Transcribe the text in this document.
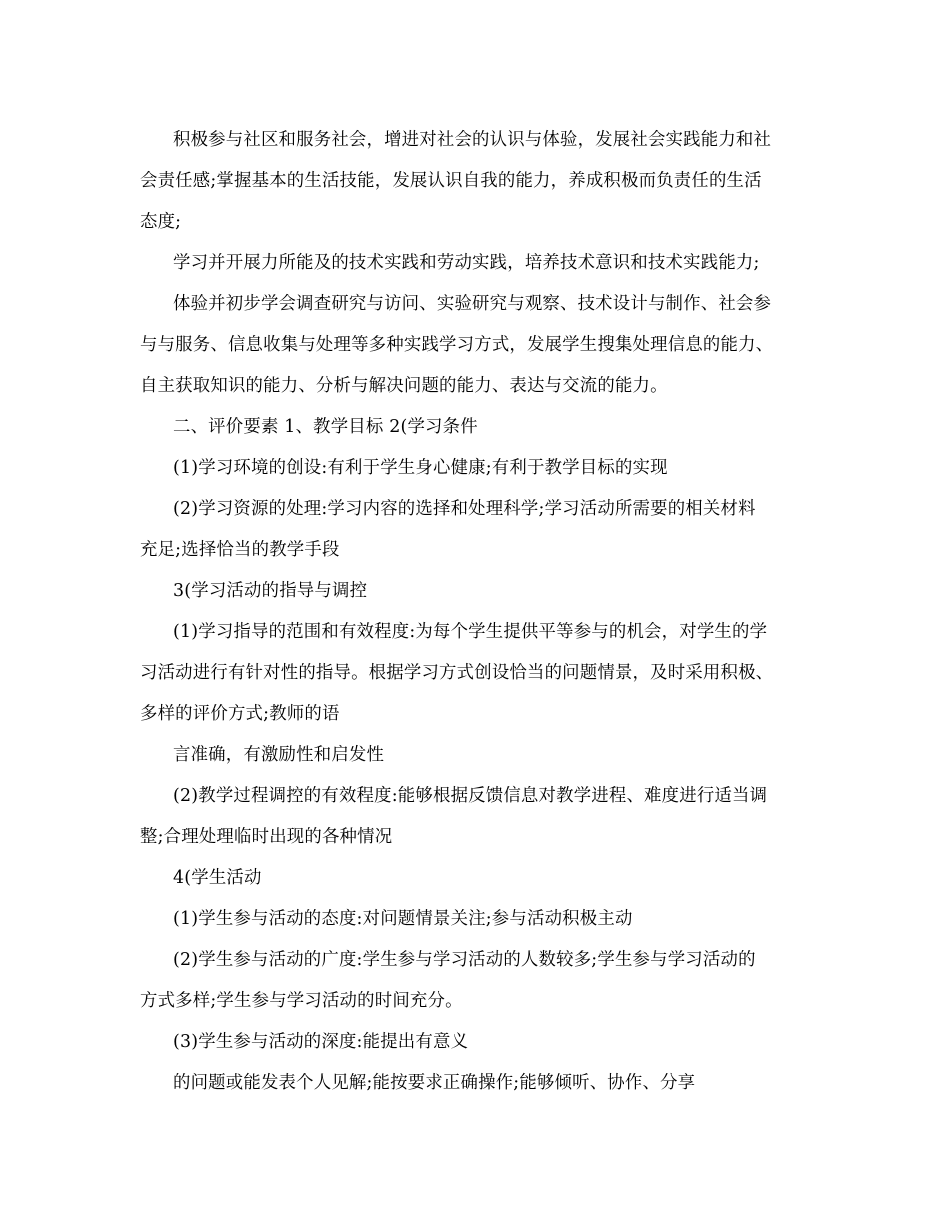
积极参与社区和服务社会，增进对社会的认识与体验，发展社会实践能力和社
会责任感;掌握基本的生活技能，发展认识自我的能力，养成积极而负责任的生活
态度;
学习并开展力所能及的技术实践和劳动实践，培养技术意识和技术实践能力;
体验并初步学会调查研究与访问、实验研究与观察、技术设计与制作、社会参
与与服务、信息收集与处理等多种实践学习方式，发展学生搜集处理信息的能力、
自主获取知识的能力、分析与解决问题的能力、表达与交流的能力。
二、评价要素 1、教学目标 2(学习条件
(1)学习环境的创设:有利于学生身心健康;有利于教学目标的实现
(2)学习资源的处理:学习内容的选择和处理科学;学习活动所需要的相关材料
充足;选择恰当的教学手段
3(学习活动的指导与调控
(1)学习指导的范围和有效程度:为每个学生提供平等参与的机会，对学生的学
习活动进行有针对性的指导。根据学习方式创设恰当的问题情景，及时采用积极、
多样的评价方式;教师的语
言准确，有激励性和启发性
(2)教学过程调控的有效程度:能够根据反馈信息对教学进程、难度进行适当调
整;合理处理临时出现的各种情况
4(学生活动
(1)学生参与活动的态度:对问题情景关注;参与活动积极主动
(2)学生参与活动的广度:学生参与学习活动的人数较多;学生参与学习活动的
方式多样;学生参与学习活动的时间充分。
(3)学生参与活动的深度:能提出有意义
的问题或能发表个人见解;能按要求正确操作;能够倾听、协作、分享
